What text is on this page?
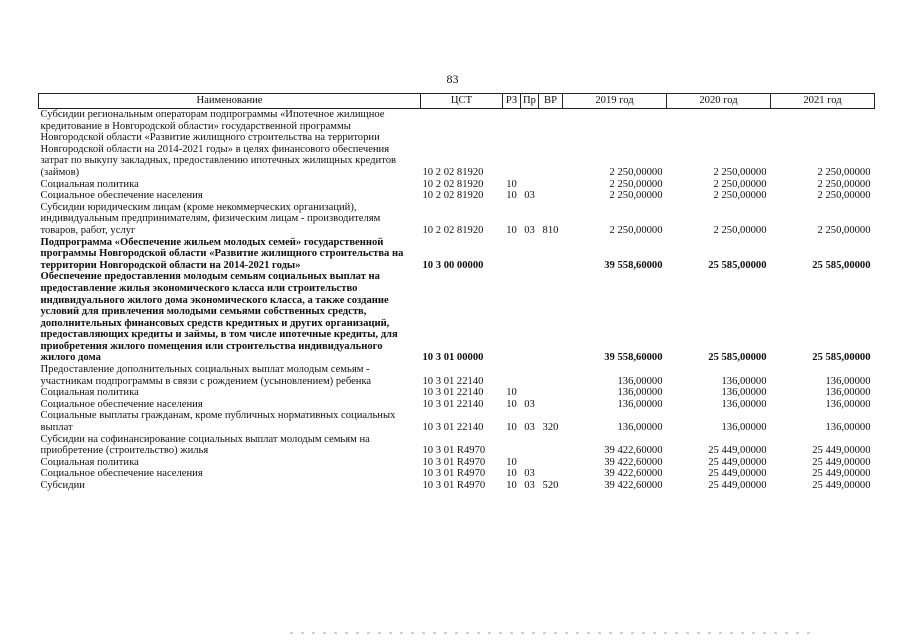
83
Наименование	ЦСТ	РЗ	Пр	ВР	2019 год	2020 год	2021 год
Субсидии региональным операторам подпрограммы «Ипотечное жилищное кредитование в Новгородской области» государственной программы Новгородской области «Развитие жилищного строительства на территории Новгородской области на 2014-2021 годы» в целях финансового обеспечения затрат по выкупу закладных, предоставлению ипотечных жилищных кредитов (займов)	10 2 02 81920				2 250,00000	2 250,00000	2 250,00000
Социальная политика	10 2 02 81920	10			2 250,00000	2 250,00000	2 250,00000
Социальное обеспечение населения	10 2 02 81920	10	03		2 250,00000	2 250,00000	2 250,00000
Субсидии юридическим лицам (кроме некоммерческих организаций), индивидуальным предпринимателям, физическим лицам - производителям товаров, работ, услуг	10 2 02 81920	10	03	810	2 250,00000	2 250,00000	2 250,00000
Подпрограмма «Обеспечение жильем молодых семей» государственной программы Новгородской области «Развитие жилищного строительства на территории Новгородской области на 2014-2021 годы»	10 3 00 00000				39 558,60000	25 585,00000	25 585,00000
Обеспечение предоставления молодым семьям социальных выплат на предоставление жилья экономического класса или строительство индивидуального жилого дома экономического класса, а также создание условий для привлечения молодыми семьями собственных средств, дополнительных финансовых средств кредитных и других организаций, предоставляющих кредиты и займы, в том числе ипотечные кредиты, для приобретения жилого помещения или строительства индивидуального жилого дома	10 3 01 00000				39 558,60000	25 585,00000	25 585,00000
Предоставление дополнительных социальных выплат молодым семьям - участникам подпрограммы в связи с рождением (усыновлением) ребенка	10 3 01 22140				136,00000	136,00000	136,00000
Социальная политика	10 3 01 22140	10			136,00000	136,00000	136,00000
Социальное обеспечение населения	10 3 01 22140	10	03		136,00000	136,00000	136,00000
Социальные выплаты гражданам, кроме публичных нормативных социальных выплат	10 3 01 22140	10	03	320	136,00000	136,00000	136,00000
Субсидии на софинансирование социальных выплат молодым семьям на приобретение (строительство) жилья	10 3 01 R4970				39 422,60000	25 449,00000	25 449,00000
Социальная политика	10 3 01 R4970	10			39 422,60000	25 449,00000	25 449,00000
Социальное обеспечение населения	10 3 01 R4970	10	03		39 422,60000	25 449,00000	25 449,00000
Субсидии	10 3 01 R4970	10	03	520	39 422,60000	25 449,00000	25 449,00000
